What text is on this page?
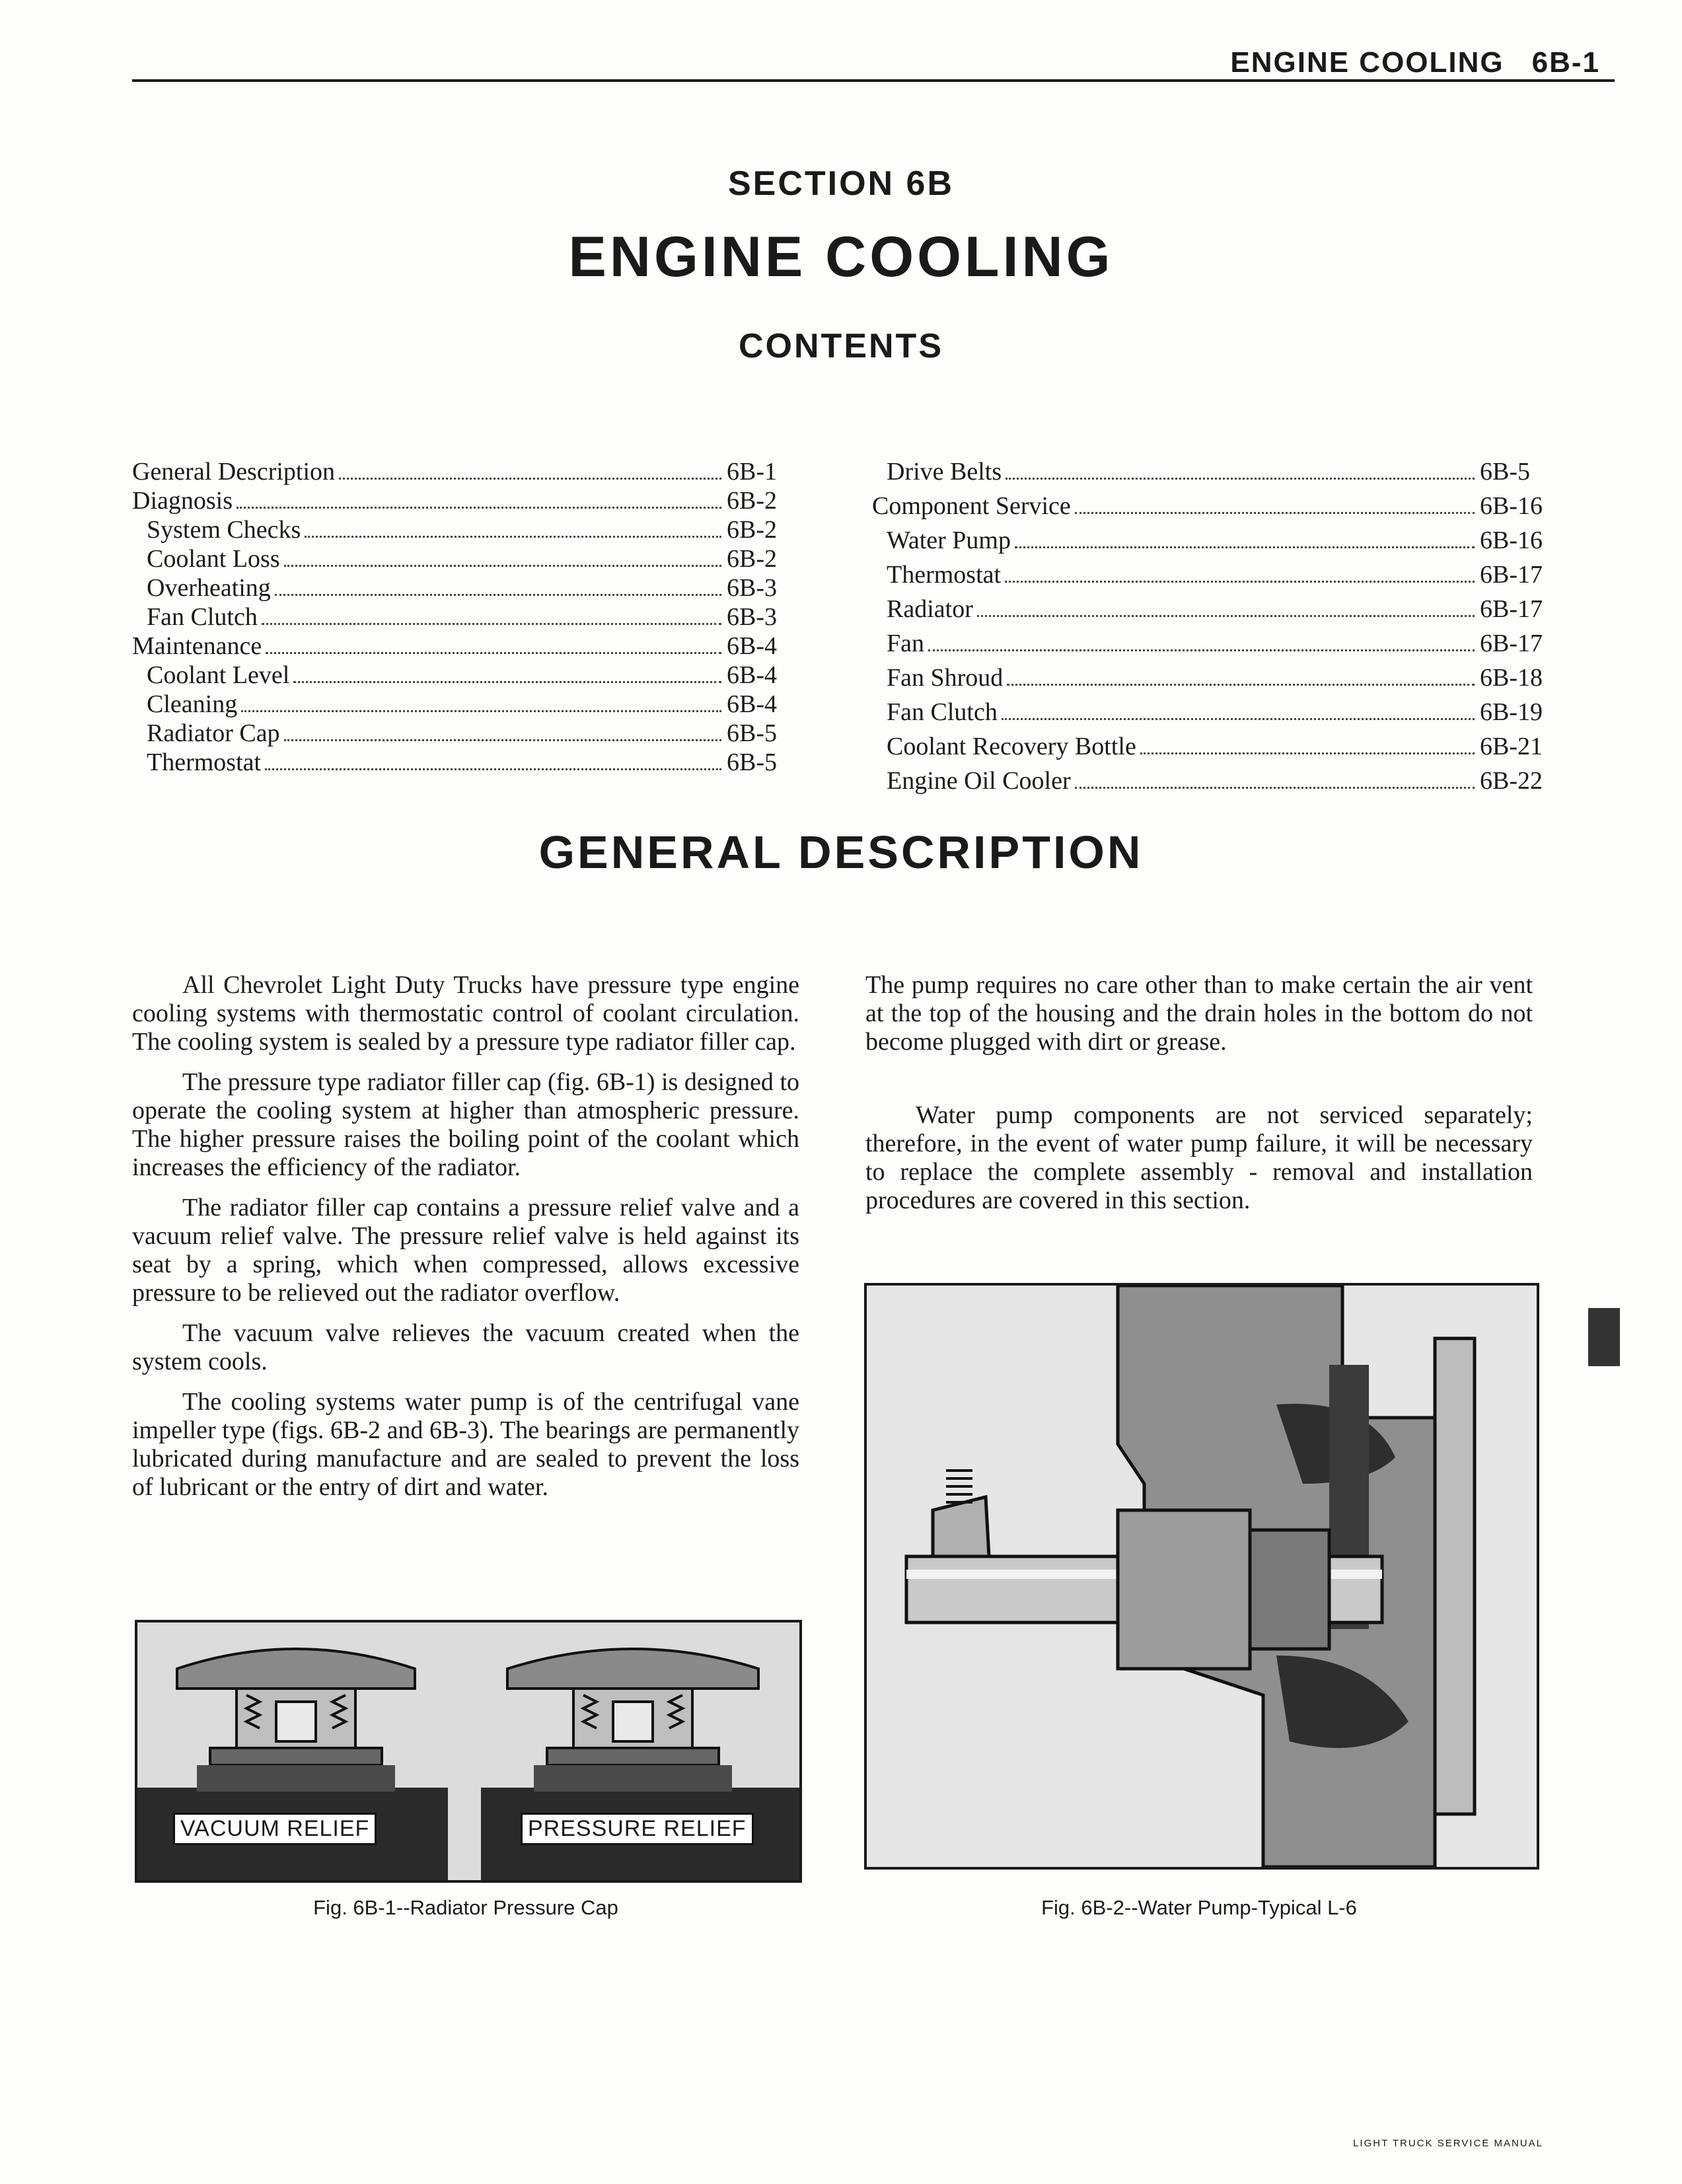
ENGINE COOLING 6B-1
SECTION 6B
ENGINE COOLING
CONTENTS
General Description	6B-1
Diagnosis	6B-2
System Checks	6B-2
Coolant Loss	6B-2
Overheating	6B-3
Fan Clutch	6B-3
Maintenance	6B-4
Coolant Level	6B-4
Cleaning	6B-4
Radiator Cap	6B-5
Thermostat	6B-5
Drive Belts	6B-5
Component Service	6B-16
Water Pump	6B-16
Thermostat	6B-17
Radiator	6B-17
Fan	6B-17
Fan Shroud	6B-18
Fan Clutch	6B-19
Coolant Recovery Bottle	6B-21
Engine Oil Cooler	6B-22
GENERAL DESCRIPTION

All Chevrolet Light Duty Trucks have pressure type engine cooling systems with thermostatic control of coolant circulation. The cooling system is sealed by a pressure type radiator filler cap.

The pressure type radiator filler cap (fig. 6B-1) is designed to operate the cooling system at higher than atmospheric pressure. The higher pressure raises the boiling point of the coolant which increases the efficiency of the radiator.

The radiator filler cap contains a pressure relief valve and a vacuum relief valve. The pressure relief valve is held against its seat by a spring, which when compressed, allows excessive pressure to be relieved out the radiator overflow.

The vacuum valve relieves the vacuum created when the system cools.

The cooling systems water pump is of the centrifugal vane impeller type (figs. 6B-2 and 6B-3). The bearings are permanently lubricated during manufacture and are sealed to prevent the loss of lubricant or the entry of dirt and water.

The pump requires no care other than to make certain the air vent at the top of the housing and the drain holes in the bottom do not become plugged with dirt or grease.

Water pump components are not serviced separately; therefore, in the event of water pump failure, it will be necessary to replace the complete assembly - removal and installation procedures are covered in this section.

VACUUM RELIEF	PRESSURE RELIEF
Fig. 6B-1--Radiator Pressure Cap	Fig. 6B-2--Water Pump-Typical L-6
LIGHT TRUCK SERVICE MANUAL
